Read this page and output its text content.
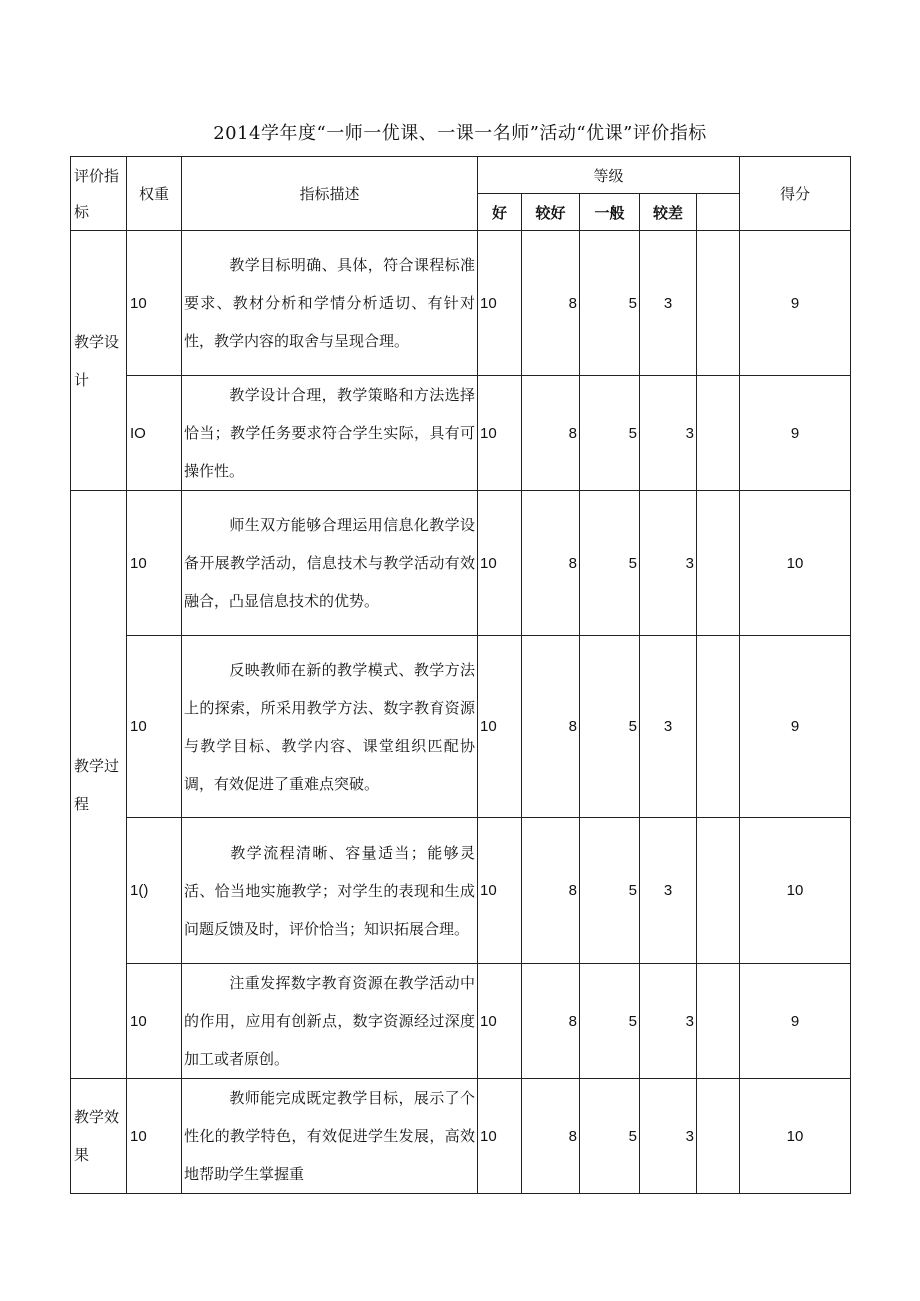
2014学年度“一师一优课、一课一名师”活动“优课”评价指标
评价指标	权重	指标描述	等级					得分
			好	较好	一般	较差		
教学设计	10	教学目标明确、具体，符合课程标准要求、教材分析和学情分析适切、有针对性，教学内容的取舍与呈现合理。	10	8	5	3		9
	IO	教学设计合理，教学策略和方法选择恰当；教学任务要求符合学生实际，具有可操作性。	10	8	5	3		9
教学过程	10	师生双方能够合理运用信息化教学设备开展教学活动，信息技术与教学活动有效融合，凸显信息技术的优势。	10	8	5	3		10
	10	反映教师在新的教学模式、教学方法上的探索，所采用教学方法、数字教育资源与教学目标、教学内容、课堂组织匹配协调，有效促进了重难点突破。	10	8	5	3		9
	1()	教学流程清晰、容量适当；能够灵活、恰当地实施教学；对学生的表现和生成问题反馈及时，评价恰当；知识拓展合理。	10	8	5	3		10
	10	注重发挥数字教育资源在教学活动中的作用，应用有创新点，数字资源经过深度加工或者原创。	10	8	5	3		9
教学效果	10	教师能完成既定教学目标，展示了个性化的教学特色，有效促进学生发展，高效地帮助学生掌握重	10	8	5	3		10
